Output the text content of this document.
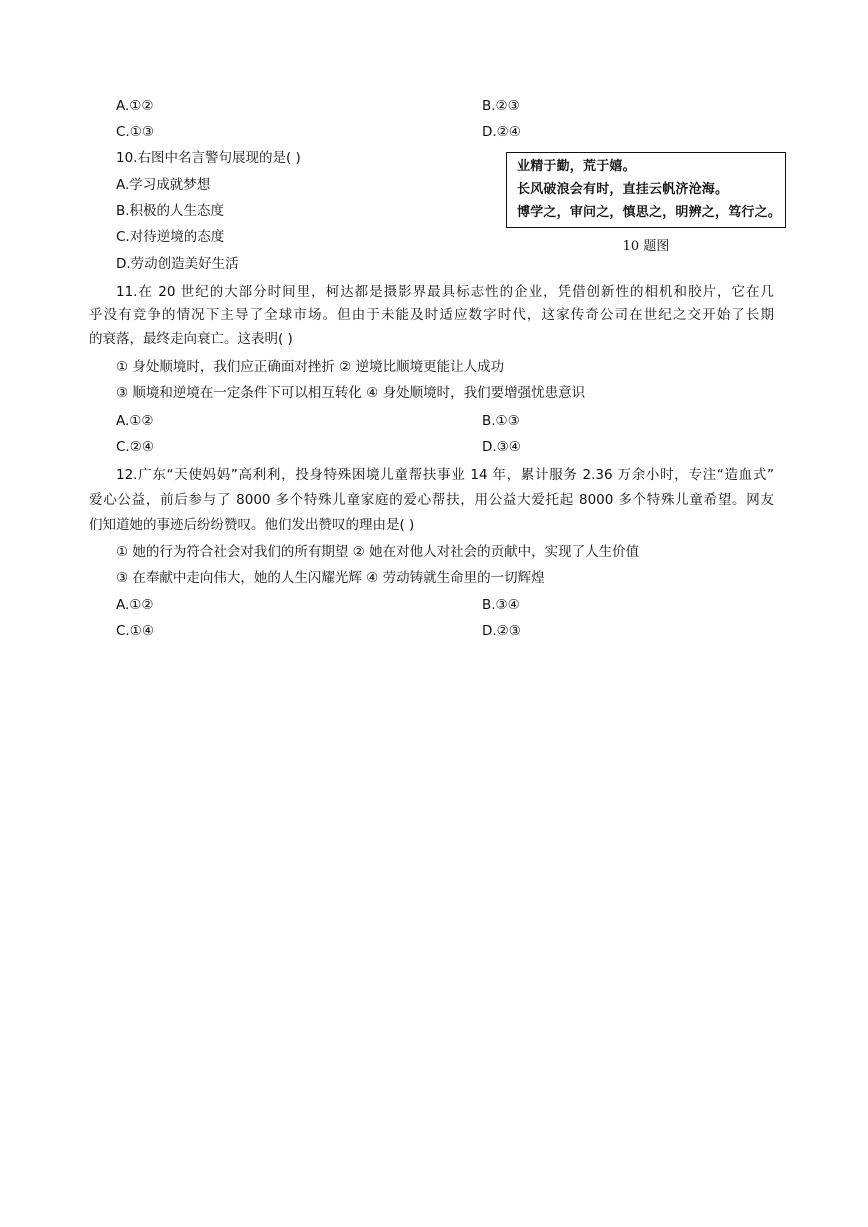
A.①②	B.②③
C.①③	D.②④
10.右图中名言警句展现的是( )
A.学习成就梦想
B.积极的人生态度
C.对待逆境的态度
D.劳动创造美好生活
业精于勤，荒于嬉。
长风破浪会有时，直挂云帆济沧海。
博学之，审问之，慎思之，明辨之，笃行之。
10 题图
11.在 20 世纪的大部分时间里，柯达都是摄影界最具标志性的企业，凭借创新性的相机和胶片，它在几
乎没有竞争的情况下主导了全球市场。但由于未能及时适应数字时代，这家传奇公司在世纪之交开始了长期
的衰落，最终走向衰亡。这表明( )
① 身处顺境时，我们应正确面对挫折 ② 逆境比顺境更能让人成功
③ 顺境和逆境在一定条件下可以相互转化 ④ 身处顺境时，我们要增强忧患意识
A.①②	B.①③
C.②④	D.③④
12.广东“天使妈妈”高利利，投身特殊困境儿童帮扶事业 14 年，累计服务 2.36 万余小时，专注“造血式”
爱心公益，前后参与了 8000 多个特殊儿童家庭的爱心帮扶，用公益大爱托起 8000 多个特殊儿童希望。网友
们知道她的事迹后纷纷赞叹。他们发出赞叹的理由是( )
① 她的行为符合社会对我们的所有期望 ② 她在对他人对社会的贡献中，实现了人生价值
③ 在奉献中走向伟大，她的人生闪耀光辉 ④ 劳动铸就生命里的一切辉煌
A.①②	B.③④
C.①④	D.②③
